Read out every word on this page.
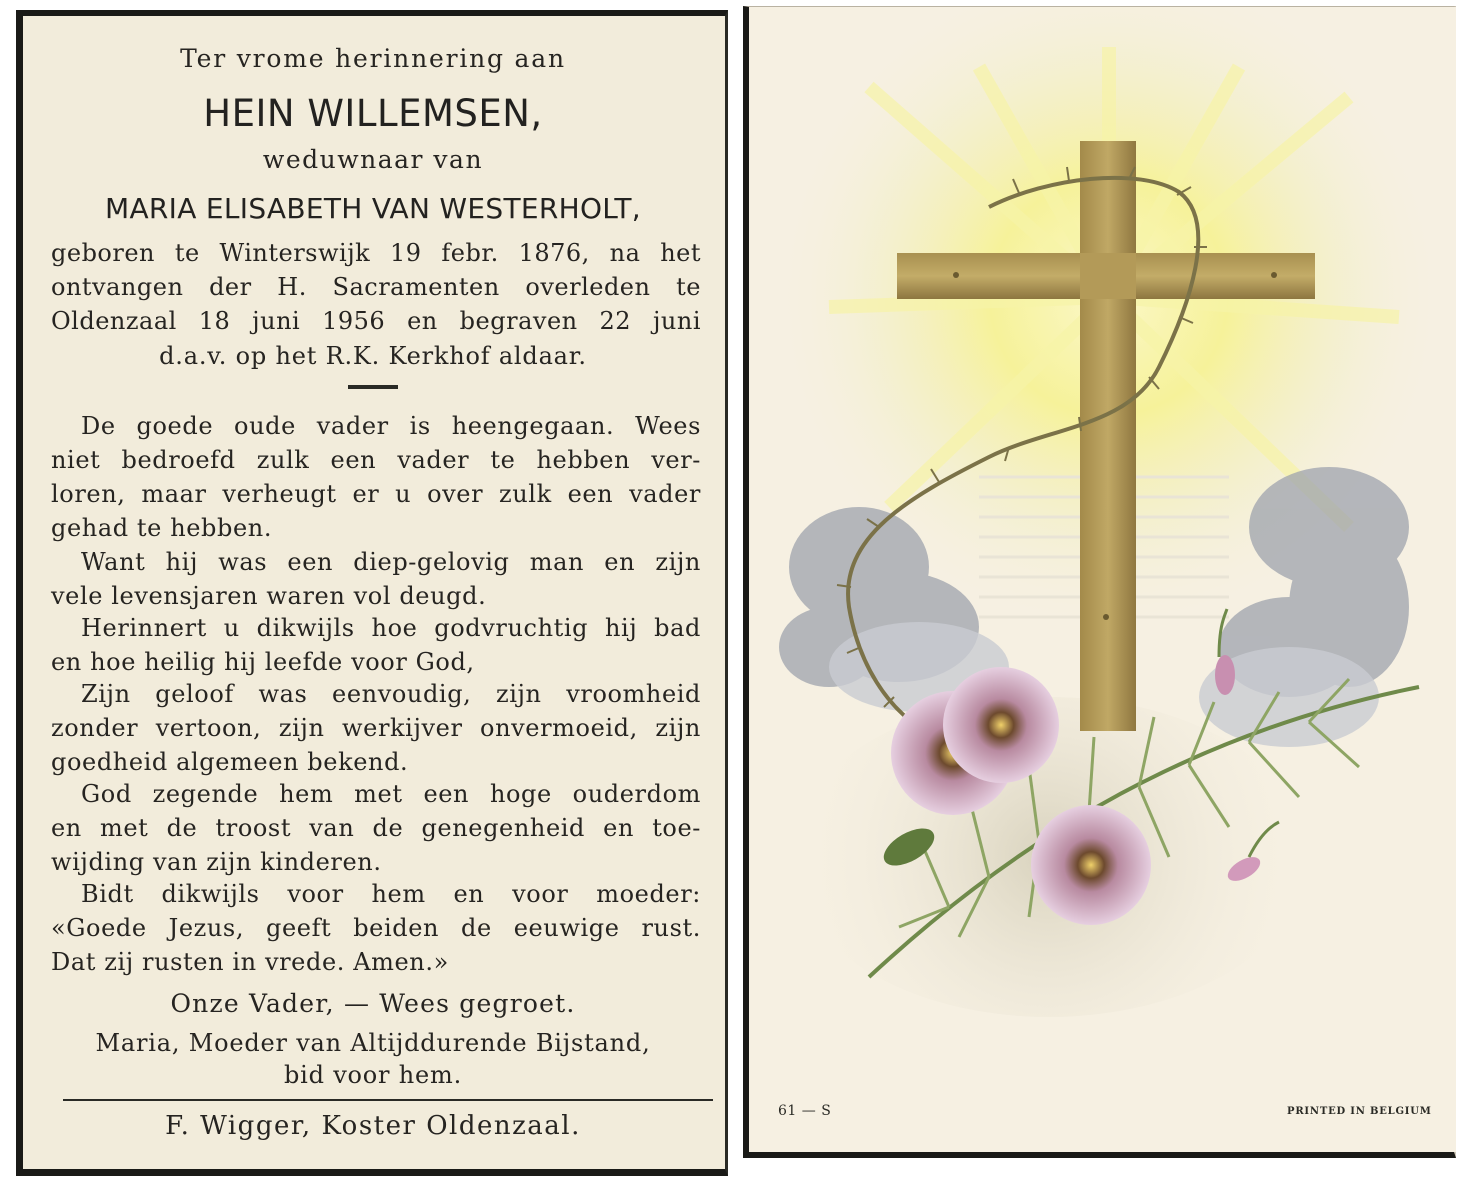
Ter vrome herinnering aan
HEIN WILLEMSEN,
weduwnaar van
MARIA ELISABETH VAN WESTERHOLT,
geboren te Winterswijk 19 febr. 1876, na het
ontvangen der H. Sacramenten overleden te
Oldenzaal 18 juni 1956 en begraven 22 juni
d.a.v. op het R.K. Kerkhof aldaar.
De goede oude vader is heengegaan. Wees
niet bedroefd zulk een vader te hebben ver-
loren, maar verheugt er u over zulk een vader
gehad te hebben.
Want hij was een diep-gelovig man en zijn
vele levensjaren waren vol deugd.
Herinnert u dikwijls hoe godvruchtig hij bad
en hoe heilig hij leefde voor God,
Zijn geloof was eenvoudig, zijn vroomheid
zonder vertoon, zijn werkijver onvermoeid, zijn
goedheid algemeen bekend.
God zegende hem met een hoge ouderdom
en met de troost van de genegenheid en toe-
wijding van zijn kinderen.
Bidt dikwijls voor hem en voor moeder:
«Goede Jezus, geeft beiden de eeuwige rust.
Dat zij rusten in vrede. Amen.»
Onze Vader, — Wees gegroet.
Maria, Moeder van Altijddurende Bijstand,
bid voor hem.
F. Wigger, Koster Oldenzaal.	61 — S	PRINTED IN BELGIUM
